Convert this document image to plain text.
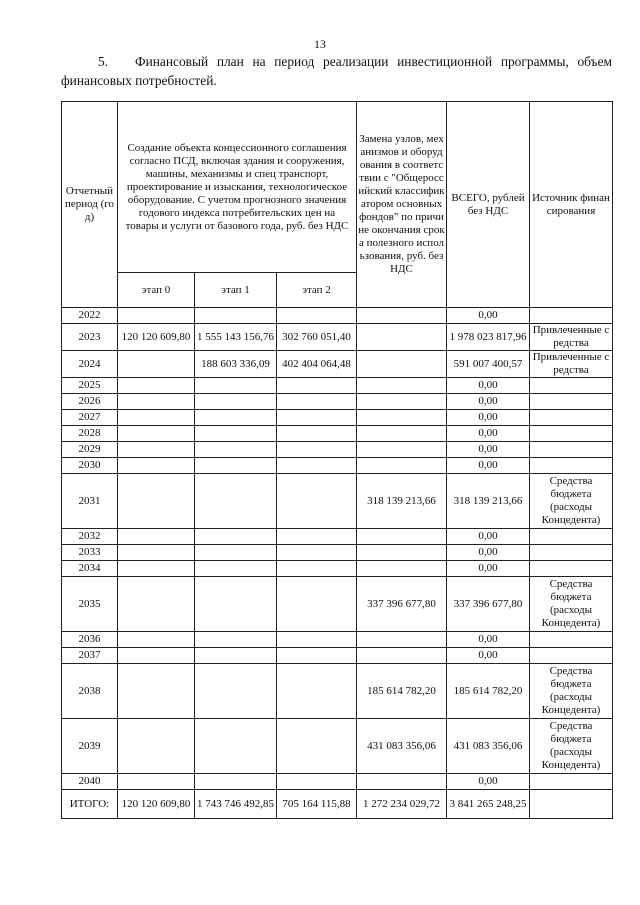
13
5. Финансовый план на период реализации инвестиционной программы, объем финансовых потребностей.
Отчетный период (год)	Создание объекта концессионного соглашения согласно ПСД, включая здания и сооружения, машины, механизмы и спец транспорт, проектирование и изыскания, технологическое оборудование. С учетом прогнозного значения годового индекса потребительских цен на товары и услуги от базового года, руб. без НДС			Замена узлов, механизмов и оборудования в соответствии с "Общероссийский классификатором основных фондов" по причине окончания срока полезного использования, руб. без НДС	ВСЕГО, рублей без НДС	Источник финансирования
	этап 0	этап 1	этап 2			
2022					0,00	
2023	120 120 609,80	1 555 143 156,76	302 760 051,40		1 978 023 817,96	Привлеченные средства
2024		188 603 336,09	402 404 064,48		591 007 400,57	Привлеченные средства
2025					0,00	
2026					0,00	
2027					0,00	
2028					0,00	
2029					0,00	
2030					0,00	
2031				318 139 213,66	318 139 213,66	Средства бюджета (расходы Концедента)
2032					0,00	
2033					0,00	
2034					0,00	
2035				337 396 677,80	337 396 677,80	Средства бюджета (расходы Концедента)
2036					0,00	
2037					0,00	
2038				185 614 782,20	185 614 782,20	Средства бюджета (расходы Концедента)
2039				431 083 356,06	431 083 356,06	Средства бюджета (расходы Концедента)
2040					0,00	
ИТОГО:	120 120 609,80	1 743 746 492,85	705 164 115,88	1 272 234 029,72	3 841 265 248,25	
